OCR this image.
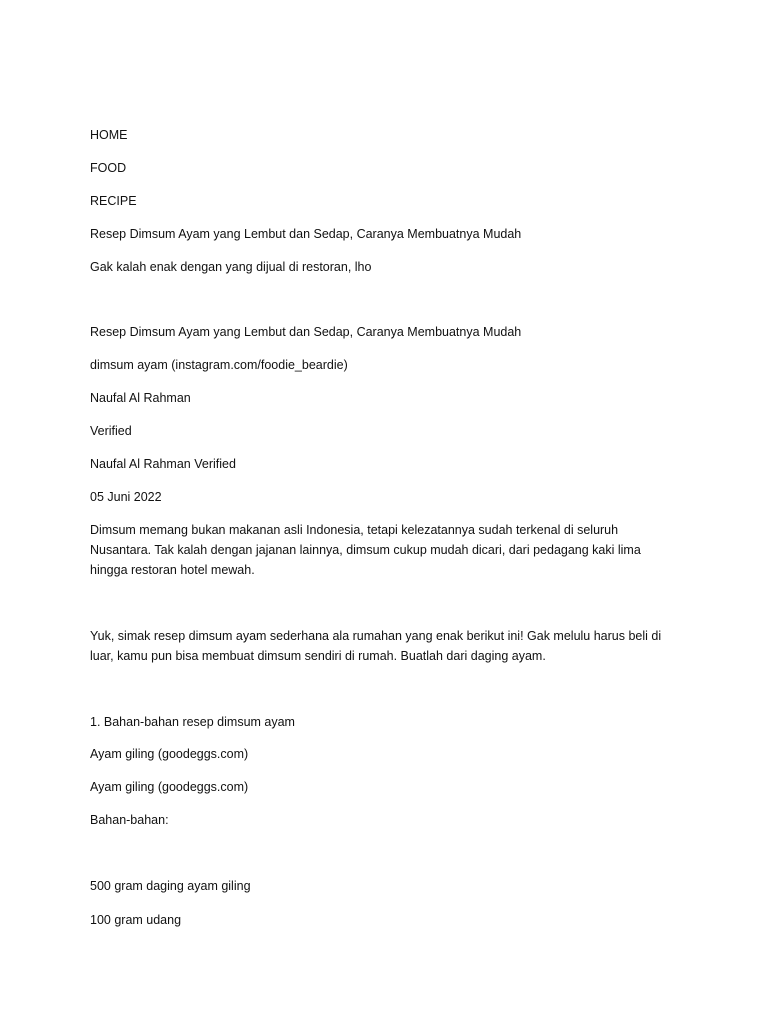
HOME
FOOD
RECIPE
Resep Dimsum Ayam yang Lembut dan Sedap, Caranya Membuatnya Mudah
Gak kalah enak dengan yang dijual di restoran, lho
Resep Dimsum Ayam yang Lembut dan Sedap, Caranya Membuatnya Mudah
dimsum ayam (instagram.com/foodie_beardie)
Naufal Al Rahman
Verified
Naufal Al Rahman Verified
05 Juni 2022
Dimsum memang bukan makanan asli Indonesia, tetapi kelezatannya sudah terkenal di seluruh Nusantara. Tak kalah dengan jajanan lainnya, dimsum cukup mudah dicari, dari pedagang kaki lima hingga restoran hotel mewah.
Yuk, simak resep dimsum ayam sederhana ala rumahan yang enak berikut ini! Gak melulu harus beli di luar, kamu pun bisa membuat dimsum sendiri di rumah. Buatlah dari daging ayam.
1. Bahan-bahan resep dimsum ayam
Ayam giling (goodeggs.com)
Ayam giling (goodeggs.com)
Bahan-bahan:
500 gram daging ayam giling
100 gram udang
